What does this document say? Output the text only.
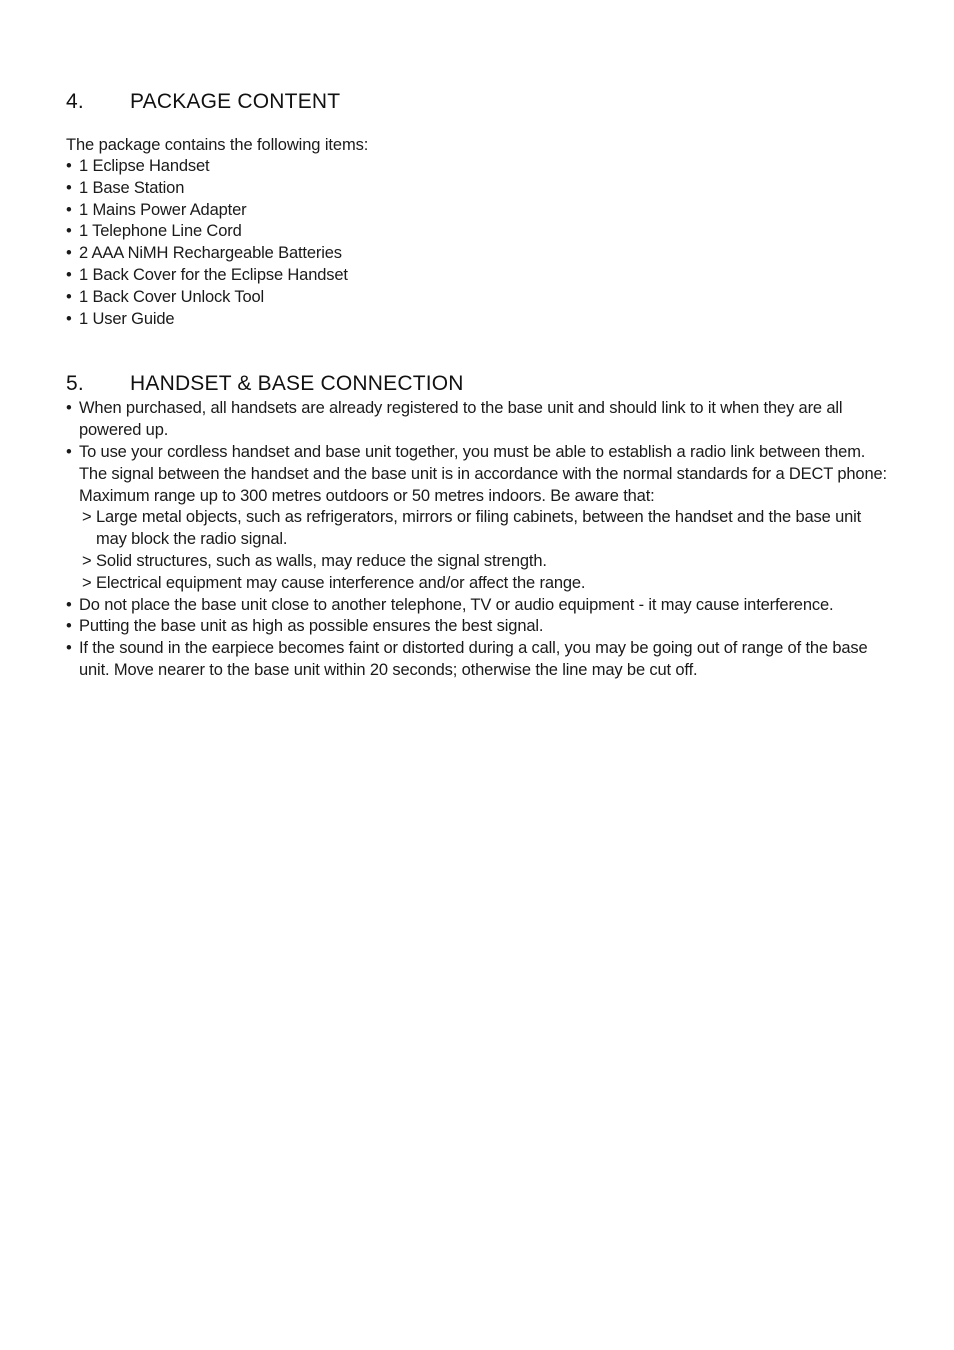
4.	PACKAGE CONTENT

The package contains the following items:

• 1 Eclipse Handset
• 1 Base Station
• 1 Mains Power Adapter
• 1 Telephone Line Cord
• 2 AAA NiMH Rechargeable Batteries
• 1 Back Cover for the Eclipse Handset
• 1 Back Cover Unlock Tool
• 1 User Guide
5.	HANDSET & BASE CONNECTION
• When purchased, all handsets are already registered to the base unit and should link to it when they are all powered up.
• To use your cordless handset and base unit together, you must be able to establish a radio link between them. The signal between the handset and the base unit is in accordance with the normal standards for a DECT phone: Maximum range up to 300 metres outdoors or 50 metres indoors. Be aware that:
> Large metal objects, such as refrigerators, mirrors or filing cabinets, between the handset and the base unit may block the radio signal.
> Solid structures, such as walls, may reduce the signal strength.
> Electrical equipment may cause interference and/or affect the range.
• Do not place the base unit close to another telephone, TV or audio equipment - it may cause interference.
• Putting the base unit as high as possible ensures the best signal.
• If the sound in the earpiece becomes faint or distorted during a call, you may be going out of range of the base unit. Move nearer to the base unit within 20 seconds; otherwise the line may be cut off.
